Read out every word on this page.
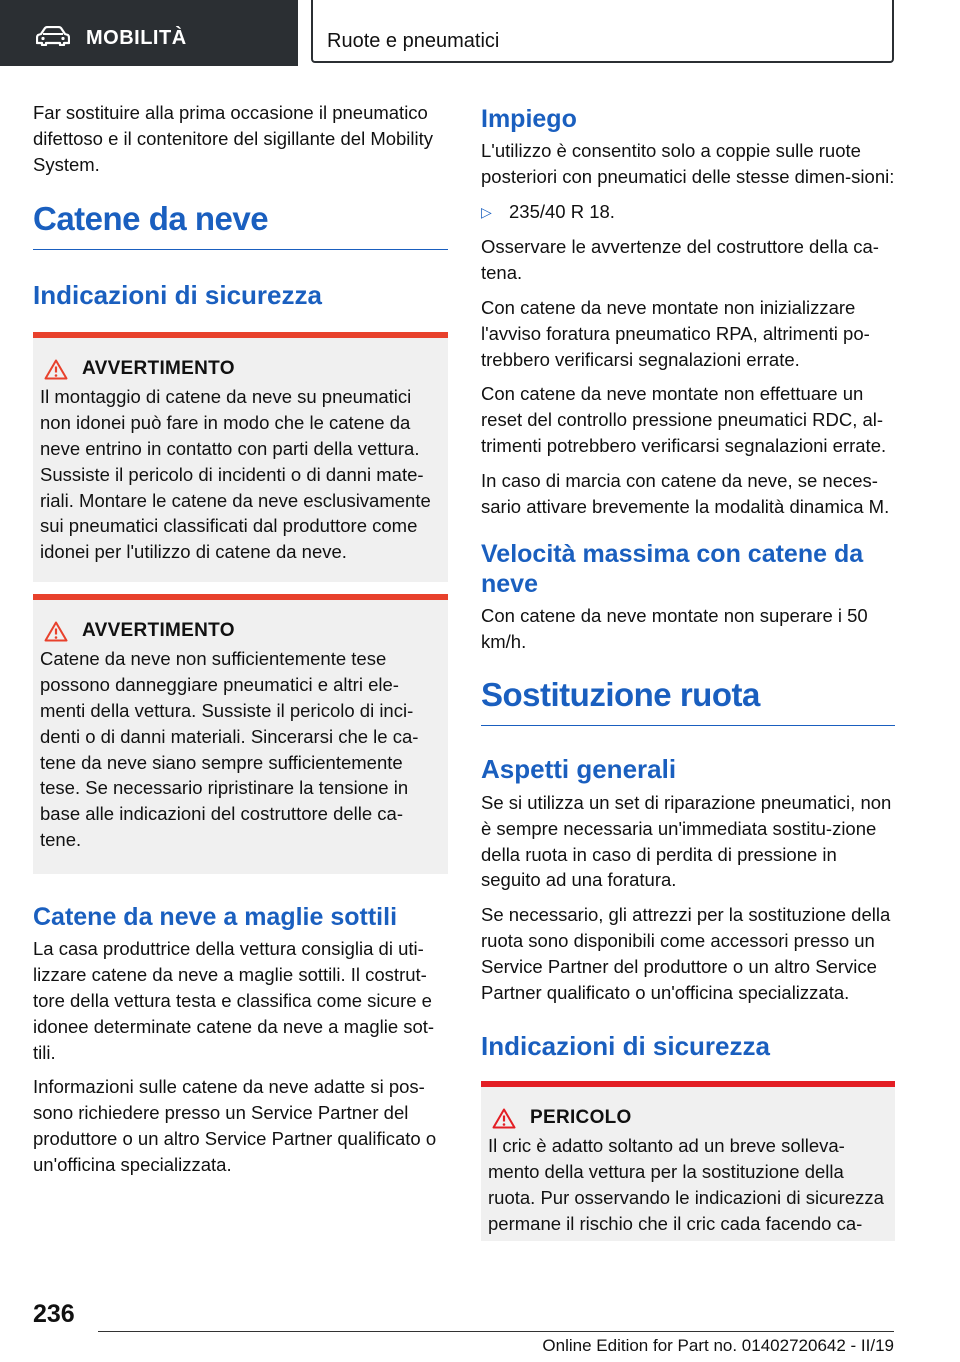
MOBILITÀ	Ruote e pneumatici

Far sostituire alla prima occasione il pneumatico difettoso e il contenitore del sigillante del Mobility System.

Catene da neve
Indicazioni di sicurezza
AVVERTIMENTO

Il montaggio di catene da neve su pneumatici non idonei può fare in modo che le catene da neve entrino in contatto con parti della vettura. Sussiste il pericolo di incidenti o di danni mate-riali. Montare le catene da neve esclusivamente sui pneumatici classificati dal produttore come idonei per l'utilizzo di catene da neve.

AVVERTIMENTO

Catene da neve non sufficientemente tese possono danneggiare pneumatici e altri ele-menti della vettura. Sussiste il pericolo di inci-denti o di danni materiali. Sincerarsi che le ca-tene da neve siano sempre sufficientemente tese. Se necessario ripristinare la tensione in base alle indicazioni del costruttore delle ca-tene.

Catene da neve a maglie sottili

La casa produttrice della vettura consiglia di uti-lizzare catene da neve a maglie sottili. Il costrut-tore della vettura testa e classifica come sicure e idonee determinate catene da neve a maglie sot-tili.

Informazioni sulle catene da neve adatte si pos-sono richiedere presso un Service Partner del produttore o un altro Service Partner qualificato o un'officina specializzata.

Impiego

L'utilizzo è consentito solo a coppie sulle ruote posteriori con pneumatici delle stesse dimen-sioni:

▷ 235/40 R 18.

Osservare le avvertenze del costruttore della ca-tena.

Con catene da neve montate non inizializzare l'avviso foratura pneumatico RPA, altrimenti po-trebbero verificarsi segnalazioni errate.

Con catene da neve montate non effettuare un reset del controllo pressione pneumatici RDC, al-trimenti potrebbero verificarsi segnalazioni errate.

In caso di marcia con catene da neve, se neces-sario attivare brevemente la modalità dinamica M.

Velocità massima con catene da neve

Con catene da neve montate non superare i 50 km/h.

Sostituzione ruota
Aspetti generali

Se si utilizza un set di riparazione pneumatici, non è sempre necessaria un'immediata sostitu-zione della ruota in caso di perdita di pressione in seguito ad una foratura.

Se necessario, gli attrezzi per la sostituzione della ruota sono disponibili come accessori presso un Service Partner del produttore o un altro Service Partner qualificato o un'officina specializzata.

Indicazioni di sicurezza
PERICOLO

Il cric è adatto soltanto ad un breve solleva-mento della vettura per la sostituzione della ruota. Pur osservando le indicazioni di sicurezza permane il rischio che il cric cada facendo ca-

236
Online Edition for Part no. 01402720642 - II/19
